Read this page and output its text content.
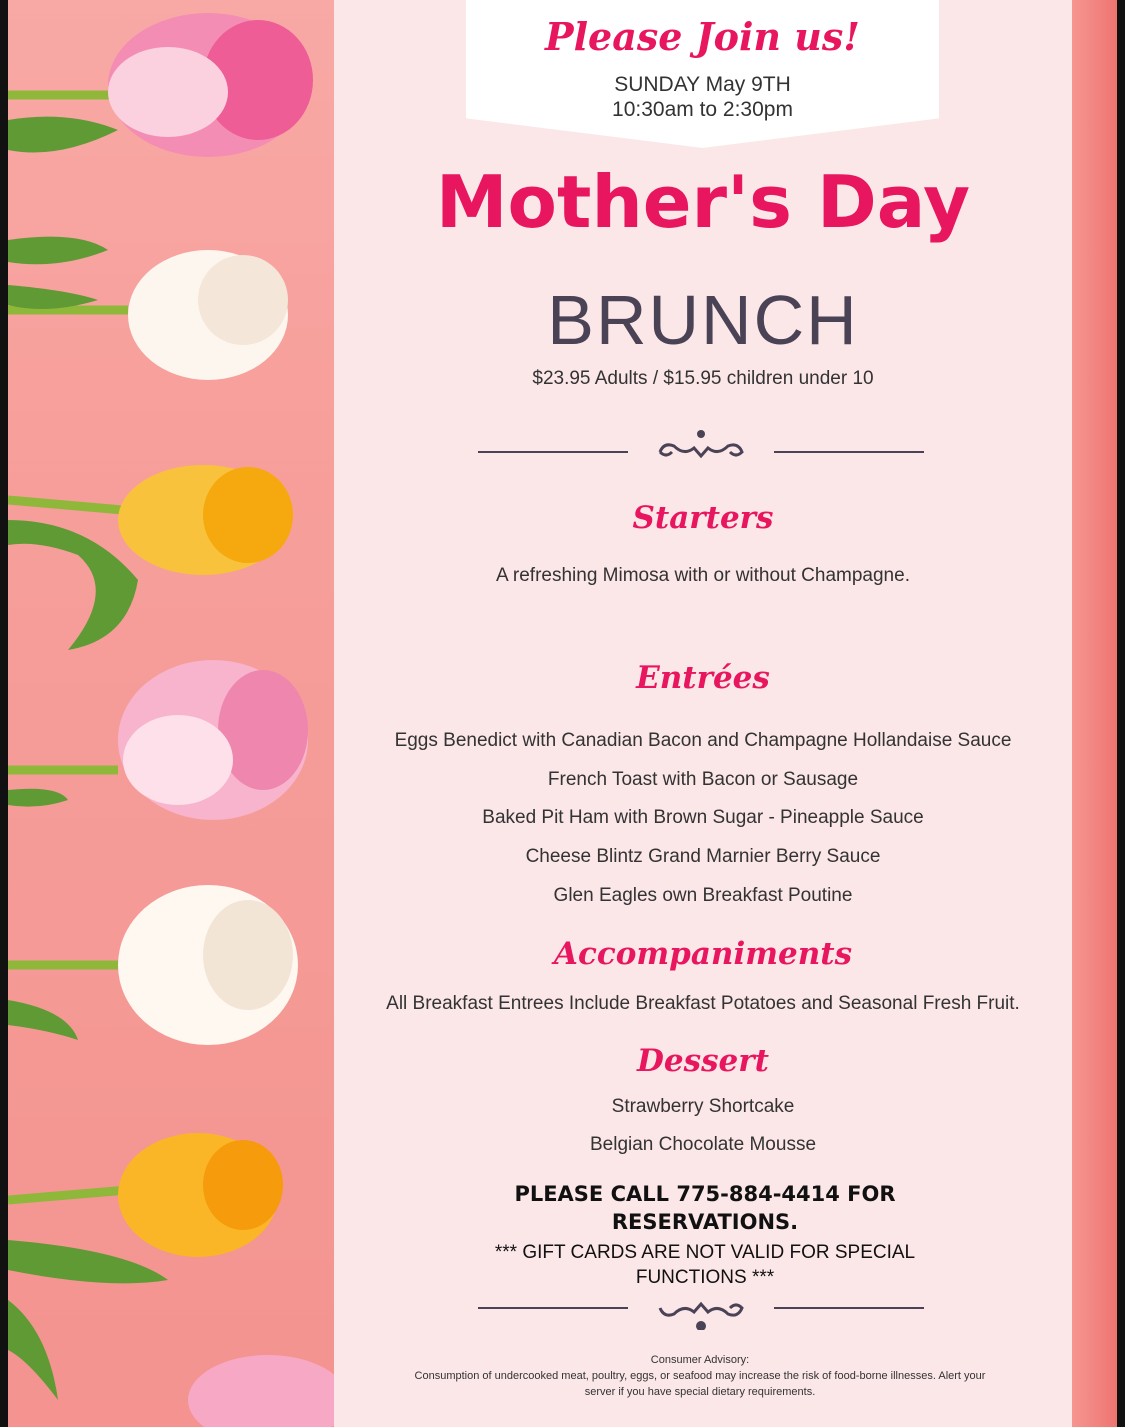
Please Join us!
SUNDAY May 9TH
10:30am to 2:30pm
Mother's Day
BRUNCH
$23.95 Adults / $15.95 children under 10
Starters
A refreshing Mimosa with or without Champagne.
Entrées
Eggs Benedict with Canadian Bacon and Champagne Hollandaise Sauce
French Toast with Bacon or Sausage
Baked Pit Ham with Brown Sugar - Pineapple Sauce
Cheese Blintz Grand Marnier Berry Sauce
Glen Eagles own Breakfast Poutine
Accompaniments
All Breakfast Entrees Include Breakfast Potatoes and Seasonal Fresh Fruit.
Dessert
Strawberry Shortcake
Belgian Chocolate Mousse
PLEASE CALL 775-884-4414 FOR
RESERVATIONS.
*** GIFT CARDS ARE NOT VALID FOR SPECIAL
FUNCTIONS ***
Consumer Advisory:
Consumption of undercooked meat, poultry, eggs, or seafood may increase the risk of food-borne illnesses. Alert your
server if you have special dietary requirements.
